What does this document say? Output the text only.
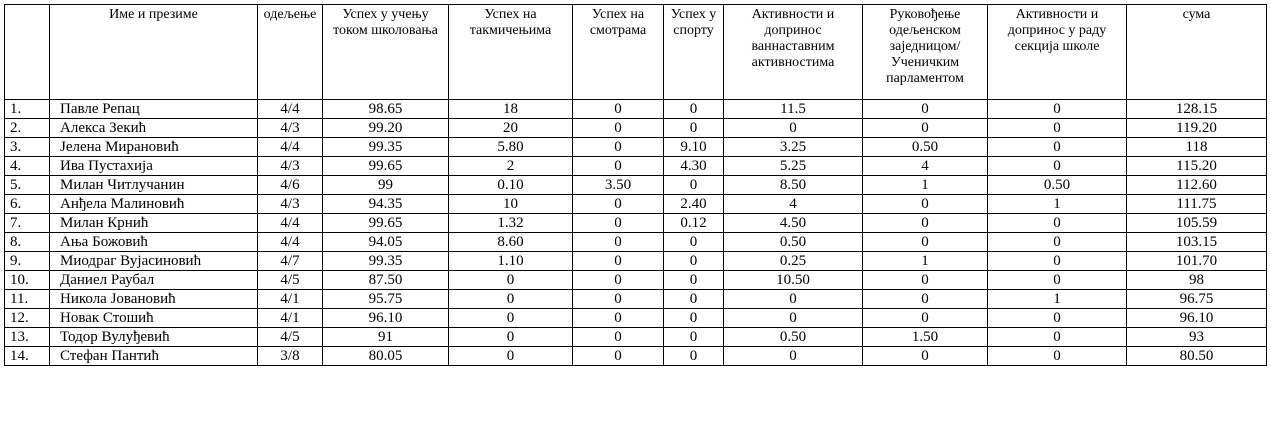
	Име и презиме	одељење	Успех у учењу током школовања	Успех на такмичењима	Успех на смотрама	Успех у спорту	Активности и допринос ваннаставним активностима	Руковођење одељенском заједницом/ Ученичким парламентом	Активности и допринос у раду секција школе	сума
1.	Павле Репац	4/4	98.65	18	0	0	11.5	0	0	128.15
2.	Алекса Зекић	4/3	99.20	20	0	0	0	0	0	119.20
3.	Јелена Мирановић	4/4	99.35	5.80	0	9.10	3.25	0.50	0	118
4.	Ива Пустахија	4/3	99.65	2	0	4.30	5.25	4	0	115.20
5.	Милан Читлучанин	4/6	99	0.10	3.50	0	8.50	1	0.50	112.60
6.	Анђела Малиновић	4/3	94.35	10	0	2.40	4	0	1	111.75
7.	Милан Крнић	4/4	99.65	1.32	0	0.12	4.50	0	0	105.59
8.	Ања Божовић	4/4	94.05	8.60	0	0	0.50	0	0	103.15
9.	Миодраг Вујасиновић	4/7	99.35	1.10	0	0	0.25	1	0	101.70
10.	Даниел Раубал	4/5	87.50	0	0	0	10.50	0	0	98
11.	Никола Јовановић	4/1	95.75	0	0	0	0	0	1	96.75
12.	Новак Стошић	4/1	96.10	0	0	0	0	0	0	96.10
13.	Тодор Вулуђевић	4/5	91	0	0	0	0.50	1.50	0	93
14.	Стефан Пантић	3/8	80.05	0	0	0	0	0	0	80.50
